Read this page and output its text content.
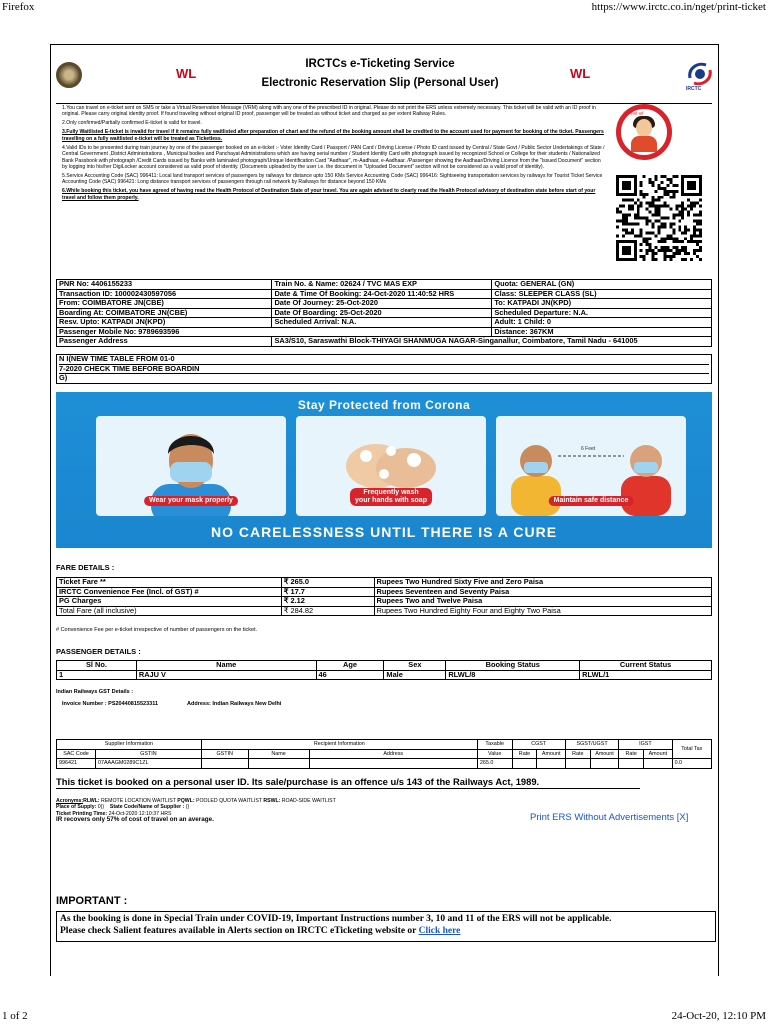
Firefox	https://www.irctc.co.in/nget/print-ticket
WL	WL
IRCTCs e-Ticketing Service
Electronic Reservation Slip (Personal User)	IRCTC
सेवा परमो धर्म

1.You can travel on e-ticket sent on SMS or take a Virtual Reservation Message (VRM) along with any one of the prescribed ID in original. Please do not print the ERS unless extremely necessary. This ticket will be valid with an ID proof in original. Please carry original identity proof. If found traveling without original ID proof, passenger will be treated as without ticket and charged as per extent Railway Rules.

2.Only confirmed/Partially confirmed E-ticket is valid for travel.

3.Fully Waitlisted E-ticket is invalid for travel if it remains fully waitlisted after preparation of chart and the refund of the booking amount shall be credited to the account used for payment for booking of the ticket. Passengers travelling on a fully waitlisted e-ticket will be treated as Ticketless.

4.Valid IDs to be presented during train journey by one of the passenger booked on an e-ticket :- Voter Identity Card / Passport / PAN Card / Driving License / Photo ID card issued by Central / State Govt / Public Sector Undertakings of State / Central Government ,District Administrations , Municipal bodies and Panchayat Administrations which are having serial number / Student Identity Card with photograph issued by recognized School or College for their students / Nationalized Bank Passbook with photograph /Credit Cards issued by Banks with laminated photograph/Unique Identification Card "Aadhaar", m-Aadhaar, e-Aadhaar. /Passenger showing the Aadhaar/Driving Licence from the "Issued Document" section by logging into his/her DigiLocker account considered as valid proof of identity. (Documents uploaded by the user i.e. the document in "Uploaded Document" section will not be considered as a valid proof of identity).

5.Service Accounting Code (SAC) 996411: Local land transport services of passengers by railways for distance upto 150 KMs Service Accounting Code (SAC) 996416: Sightseeing transportation services by railways for Tourist Ticket Service Accounting Code (SAC) 996421: Long distance transport services of passengers through rail network by Railways for distance beyond 150 KMs

6.While booking this ticket, you have agreed of having read the Health Protocol of Destination State of your travel. You are again advised to clearly read the Health Protocol advisory of destination state before start of your travel and follow them properly.

PNR No: 4406155233	Train No. & Name: 02624 / TVC MAS EXP	Quota: GENERAL (GN)
Transaction ID: 100002430597056	Date & Time Of Booking: 24-Oct-2020 11:40:52 HRS	Class: SLEEPER CLASS (SL)
From: COIMBATORE JN(CBE)	Date Of Journey: 25-Oct-2020	To: KATPADI JN(KPD)
Boarding At: COIMBATORE JN(CBE)	Date Of Boarding: 25-Oct-2020	Scheduled Departure: N.A.
Resv. Upto: KATPADI JN(KPD)	Scheduled Arrival: N.A.	Adult: 1 Child: 0
Passenger Mobile No: 9789693596		Distance: 367KM
Passenger Address	SA3/S10, Saraswathi Block-THIYAGI SHANMUGA NAGAR-Singanallur, Coimbatore, Tamil Nadu - 641005	
N I(NEW TIME TABLE FROM 01-0
7-2020 CHECK TIME BEFORE BOARDIN
G)
Stay Protected from Corona
Wear your mask properly
Frequently wash
your hands with soap
6 Feet
Maintain safe distance
NO CARELESSNESS UNTIL THERE IS A CURE
FARE DETAILS :
Ticket Fare **	₹ 265.0	Rupees Two Hundred Sixty Five and Zero Paisa
IRCTC Convenience Fee (Incl. of GST) #	₹ 17.7	Rupees Seventeen and Seventy Paisa
PG Charges	₹ 2.12	Rupees Two and Twelve Paisa
Total Fare (all inclusive)	₹ 284.82	Rupees Two Hundred Eighty Four and Eighty Two Paisa
# Convenience Fee per e-ticket irrespective of number of passengers on the ticket.
PASSENGER DETAILS :
Sl No.	Name	Age	Sex	Booking Status	Current Status
1	RAJU V	46	Male	RLWL/8	RLWL/1
Indian Railways GST Details :
Invoice Number : PS20440815523311	Address: Indian Railways New Delhi
Supplier Information		Recipient Information			Taxable	CGST		SGST/UGST		IGST		Total Tax
SAC Code	GSTIN	GSTIN	Name	Address	Value	Rate	Amount	Rate	Amount	Rate	Amount	
996421	07AAAGM0289C1ZL				265.0							0.0
This ticket is booked on a personal user ID. Its sale/purchase is an offence u/s 143 of the Railways Act, 1989.
Acronyms:RLWL: REMOTE LOCATION WAITLIST PQWL: POOLED QUOTA WAITLIST RSWL: ROAD-SIDE WAITLIST
Place of Supply: 0() State Code/Name of Supplier : ()
Ticket Printing Time: 24-Oct-2020 12:10:37 HRS
IR recovers only 57% of cost of travel on an average.	Print ERS Without Advertisements [X]
IMPORTANT :
As the booking is done in Special Train under COVID-19, Important Instructions number 3, 10 and 11 of the ERS will not be applicable.
Please check Salient features available in Alerts section on IRCTC eTicketing website or Click here
1 of 2	24-Oct-20, 12:10 PM
